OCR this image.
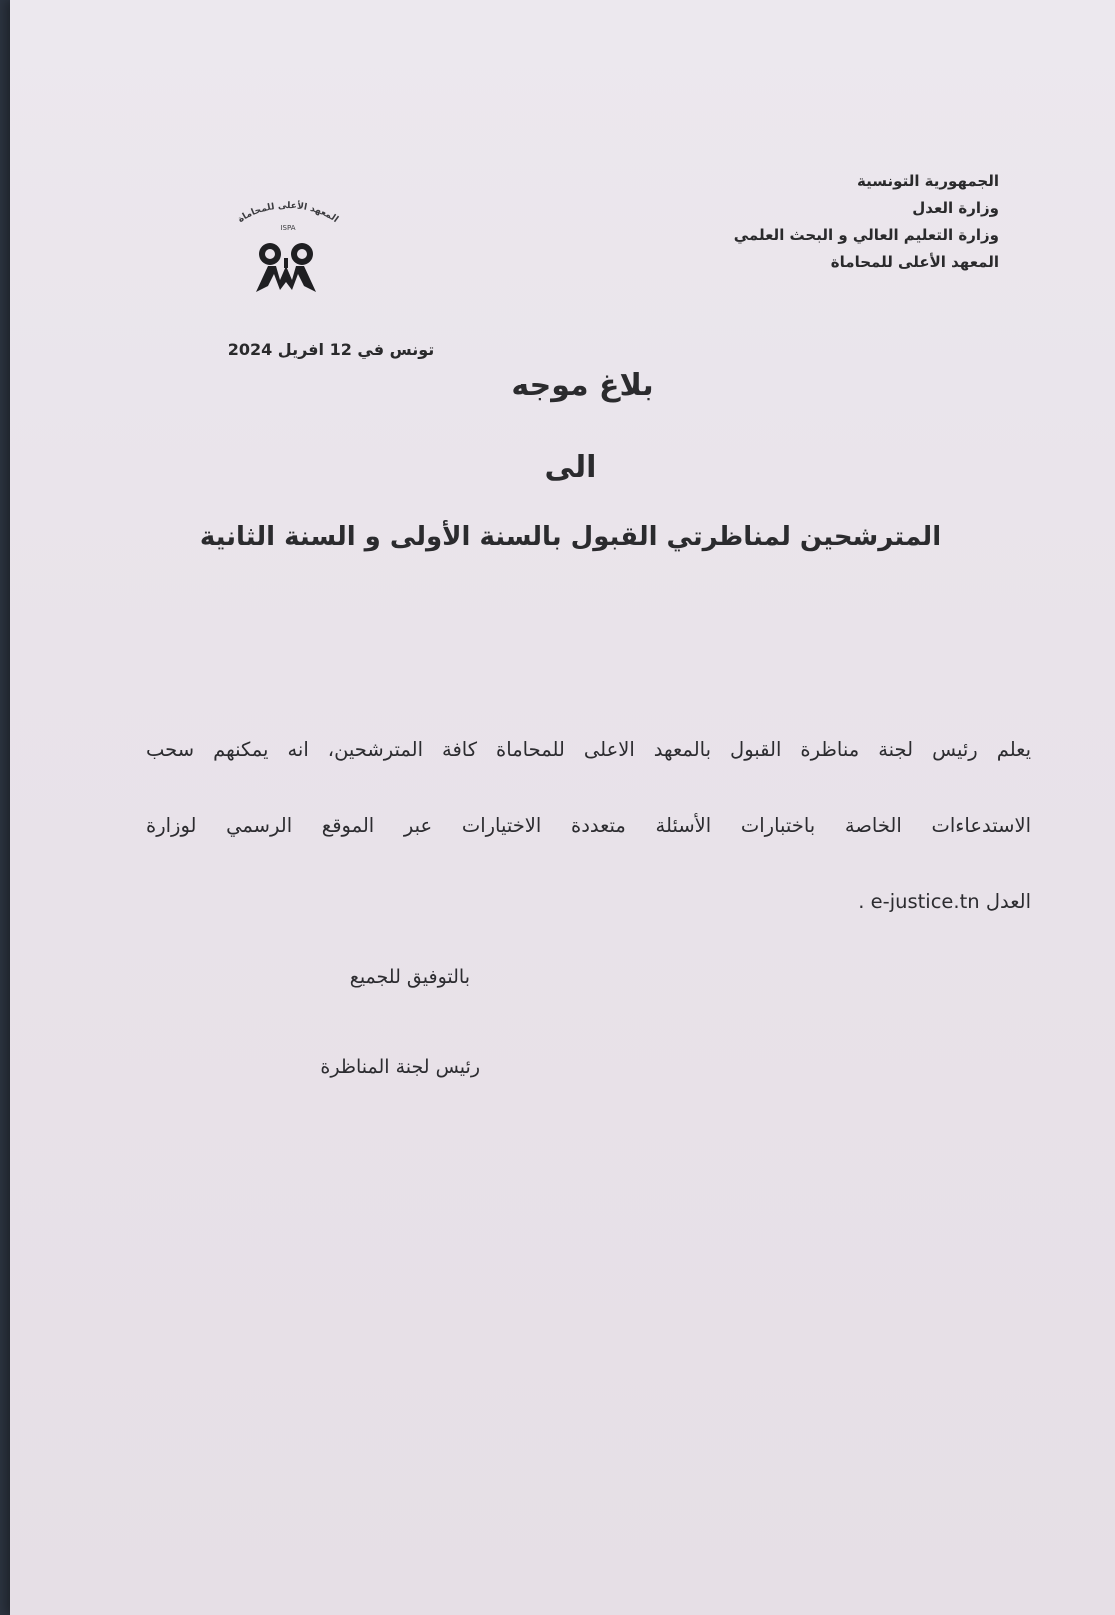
الجمهورية التونسية
وزارة العدل
وزارة التعليم العالي و البحث العلمي
المعهد الأعلى للمحاماة
المعهد الأعلى للمحاماة
ISPA
تونس في 12 افريل 2024
بلاغ موجه
الى
المترشحين لمناظرتي القبول بالسنة الأولى و السنة الثانية
يعلم رئيس لجنة مناظرة القبول بالمعهد الاعلى للمحاماة كافة المترشحين، انه يمكنهم سحب
الاستدعاءات الخاصة باختبارات الأسئلة متعددة الاختيارات عبر الموقع الرسمي لوزارة
العدل e-justice.tn .
بالتوفيق للجميع
رئيس لجنة المناظرة
